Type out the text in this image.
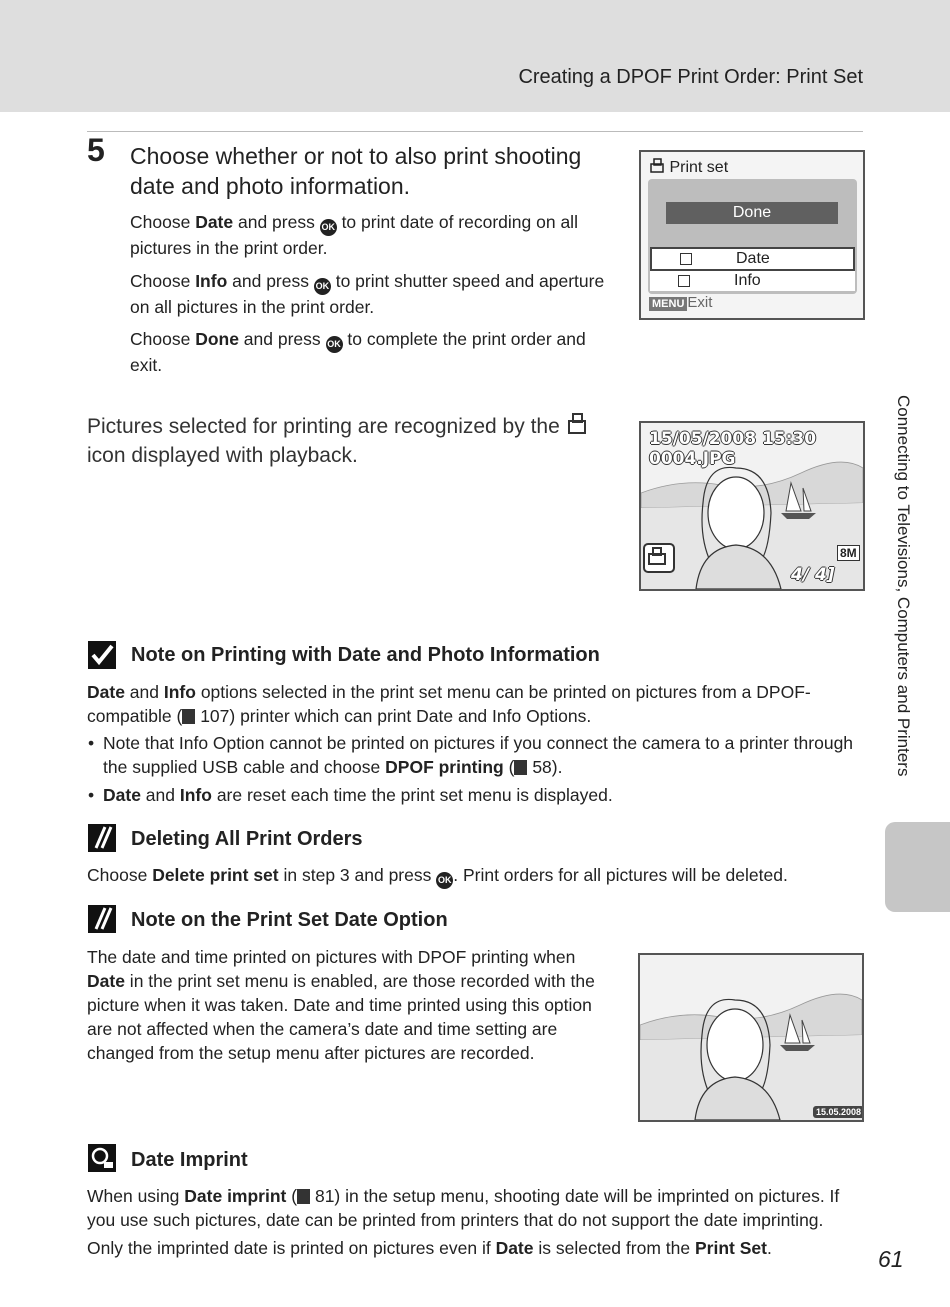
Creating a DPOF Print Order: Print Set
Connecting to Televisions, Computers and Printers
5 Choose whether or not to also print shooting date and photo information.
Choose Date and press OK to print date of recording on all pictures in the print order.
Choose Info and press OK to print shutter speed and aperture on all pictures in the print order.
Choose Done and press OK to complete the print order and exit.
Print set
Done
Date
Info
MENU Exit
Pictures selected for printing are recognized by the  icon displayed with playback.
15/05/2008 15:30
0004.JPG
8M
4/ 4]
Note on Printing with Date and Photo Information
Date and Info options selected in the print set menu can be printed on pictures from a DPOF-compatible ( 107) printer which can print Date and Info Options.
• Note that Info Option cannot be printed on pictures if you connect the camera to a printer through the supplied USB cable and choose DPOF printing ( 58).
• Date and Info are reset each time the print set menu is displayed.
Deleting All Print Orders
Choose Delete print set in step 3 and press OK . Print orders for all pictures will be deleted.
Note on the Print Set Date Option
The date and time printed on pictures with DPOF printing when Date in the print set menu is enabled, are those recorded with the picture when it was taken. Date and time printed using this option are not affected when the camera’s date and time setting are changed from the setup menu after pictures are recorded.
15.05.2008
Date Imprint
When using Date imprint ( 81) in the setup menu, shooting date will be imprinted on pictures. If you use such pictures, date can be printed from printers that do not support the date imprinting.
Only the imprinted date is printed on pictures even if Date is selected from the Print Set.	61
